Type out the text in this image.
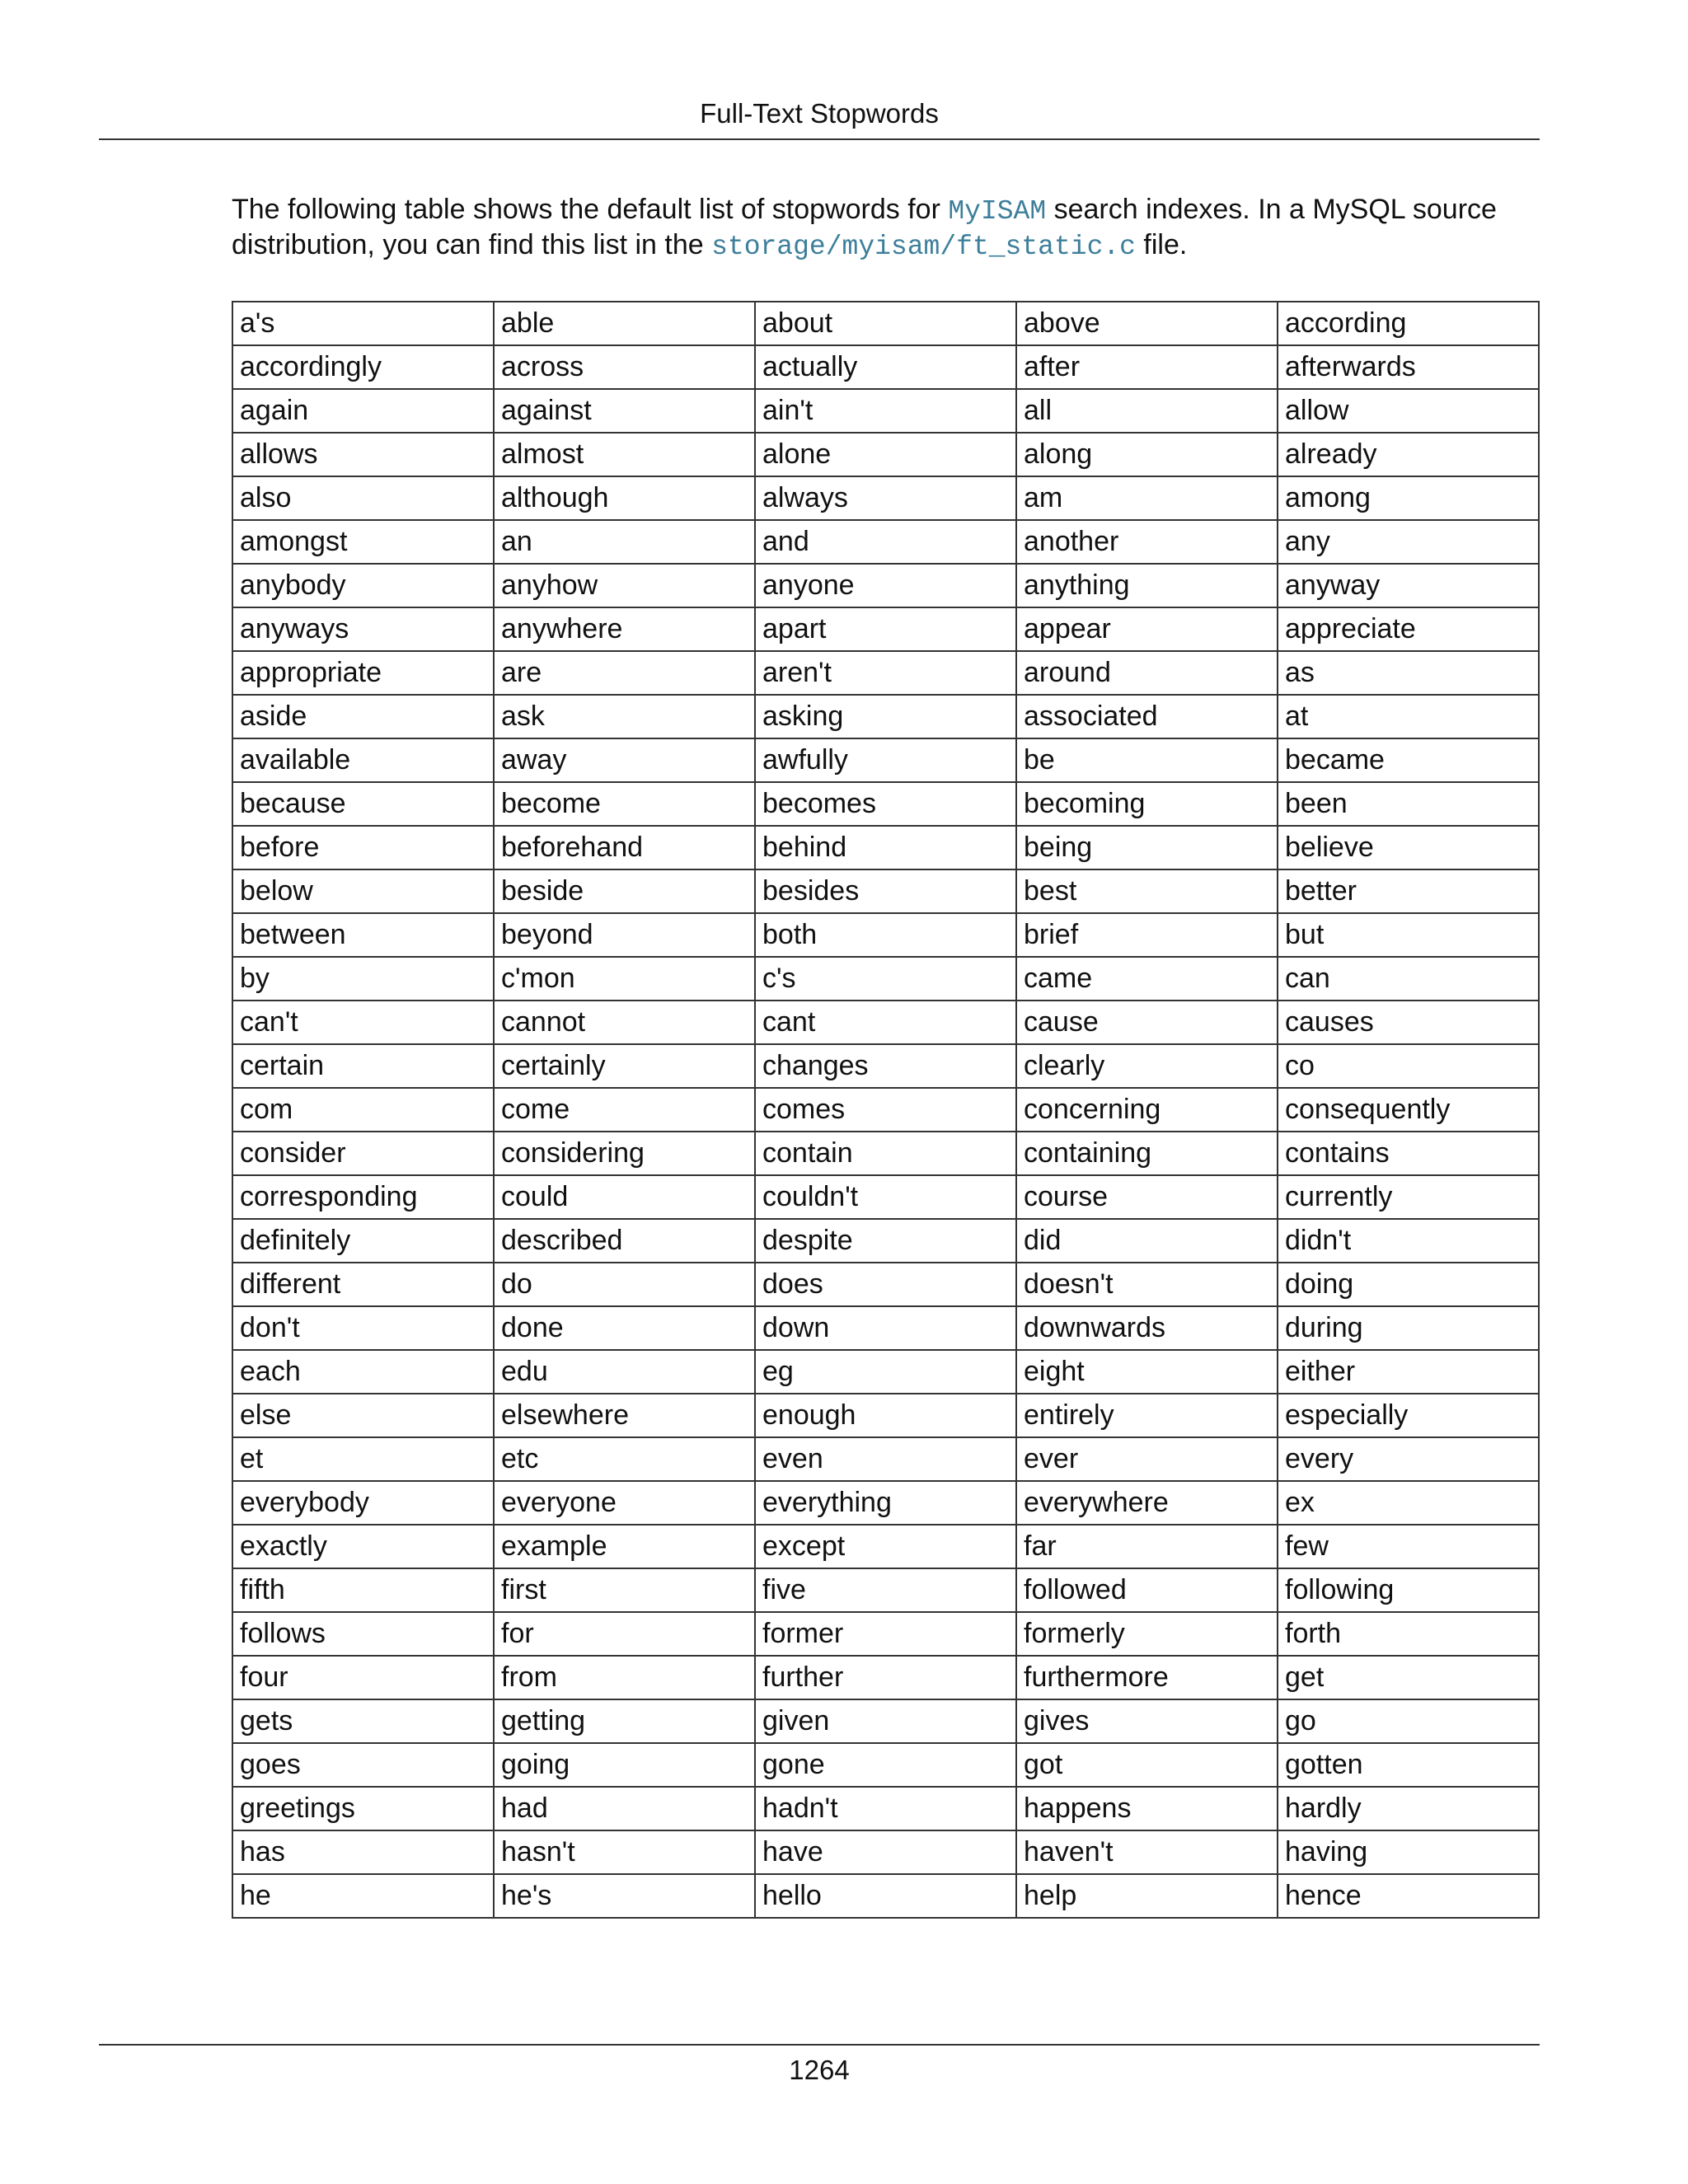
Full-Text Stopwords

The following table shows the default list of stopwords for MyISAM search indexes. In a MySQL source distribution, you can find this list in the storage/myisam/ft_static.c file.

a's	able	about	above	according
accordingly	across	actually	after	afterwards
again	against	ain't	all	allow
allows	almost	alone	along	already
also	although	always	am	among
amongst	an	and	another	any
anybody	anyhow	anyone	anything	anyway
anyways	anywhere	apart	appear	appreciate
appropriate	are	aren't	around	as
aside	ask	asking	associated	at
available	away	awfully	be	became
because	become	becomes	becoming	been
before	beforehand	behind	being	believe
below	beside	besides	best	better
between	beyond	both	brief	but
by	c'mon	c's	came	can
can't	cannot	cant	cause	causes
certain	certainly	changes	clearly	co
com	come	comes	concerning	consequently
consider	considering	contain	containing	contains
corresponding	could	couldn't	course	currently
definitely	described	despite	did	didn't
different	do	does	doesn't	doing
don't	done	down	downwards	during
each	edu	eg	eight	either
else	elsewhere	enough	entirely	especially
et	etc	even	ever	every
everybody	everyone	everything	everywhere	ex
exactly	example	except	far	few
fifth	first	five	followed	following
follows	for	former	formerly	forth
four	from	further	furthermore	get
gets	getting	given	gives	go
goes	going	gone	got	gotten
greetings	had	hadn't	happens	hardly
has	hasn't	have	haven't	having
he	he's	hello	help	hence
1264
